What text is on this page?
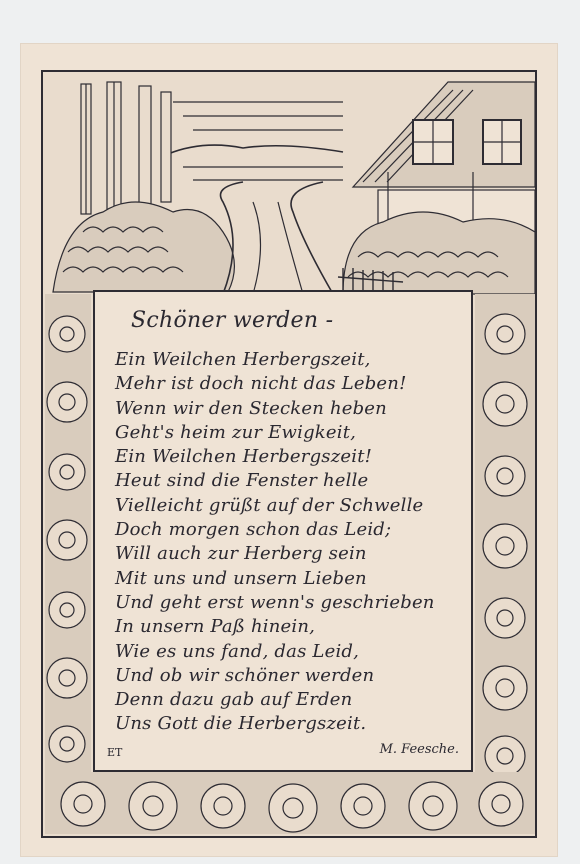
Schöner werden -
Ein Weilchen Herbergszeit,
Mehr ist doch nicht das Leben!
Wenn wir den Stecken heben
Geht's heim zur Ewigkeit,
Ein Weilchen Herbergszeit!
Heut sind die Fenster helle
Vielleicht grüßt auf der Schwelle
Doch morgen schon das Leid;
Will auch zur Herberg sein
Mit uns und unsern Lieben
Und geht erst wenn's geschrieben
In unsern Paß hinein,
Wie es uns fand, das Leid,
Und ob wir schöner werden
Denn dazu gab auf Erden
Uns Gott die Herbergszeit.
ET	M. Feesche.
